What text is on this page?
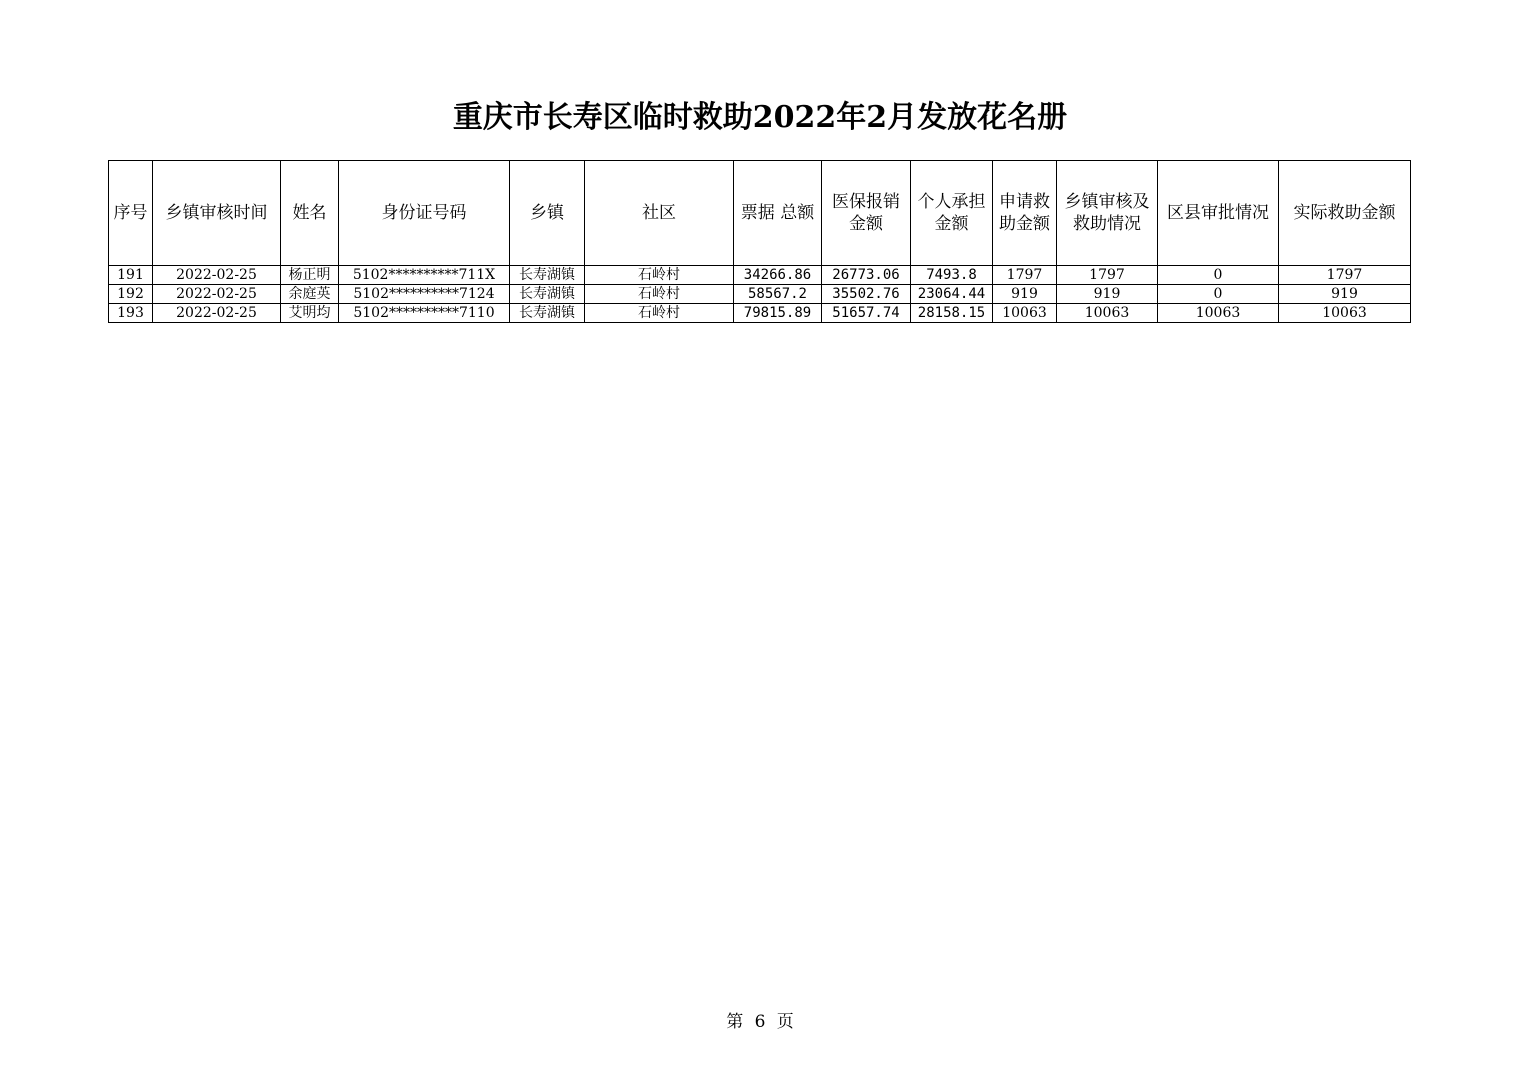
重庆市长寿区临时救助2022年2月发放花名册
序号	乡镇审核时间	姓名	身份证号码	乡镇	社区	票据 总额	医保报销 金额	个人承担 金额	申请救 助金额	乡镇审核及 救助情况	区县审批情况	实际救助金额
191	2022-02-25	杨正明	5102**********711X	长寿湖镇	石岭村	34266.86	26773.06	7493.8	1797	1797	0	1797
192	2022-02-25	余庭英	5102**********7124	长寿湖镇	石岭村	58567.2	35502.76	23064.44	919	919	0	919
193	2022-02-25	艾明均	5102**********7110	长寿湖镇	石岭村	79815.89	51657.74	28158.15	10063	10063	10063	10063
第 6 页
